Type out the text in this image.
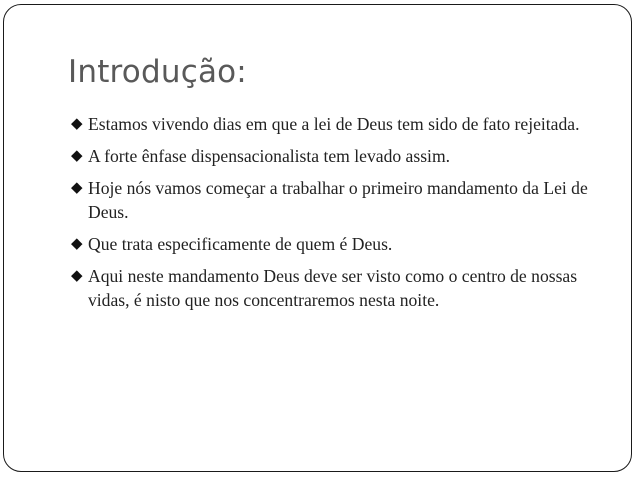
Introdução:
◆ Estamos vivendo dias em que a lei de Deus tem sido de fato rejeitada.
◆ A forte ênfase dispensacionalista tem levado assim.
◆ Hoje nós vamos começar a trabalhar o primeiro mandamento da Lei de Deus.
◆ Que trata especificamente de quem é Deus.
◆ Aqui neste mandamento Deus deve ser visto como o centro de nossas vidas, é nisto que nos concentraremos nesta noite.
